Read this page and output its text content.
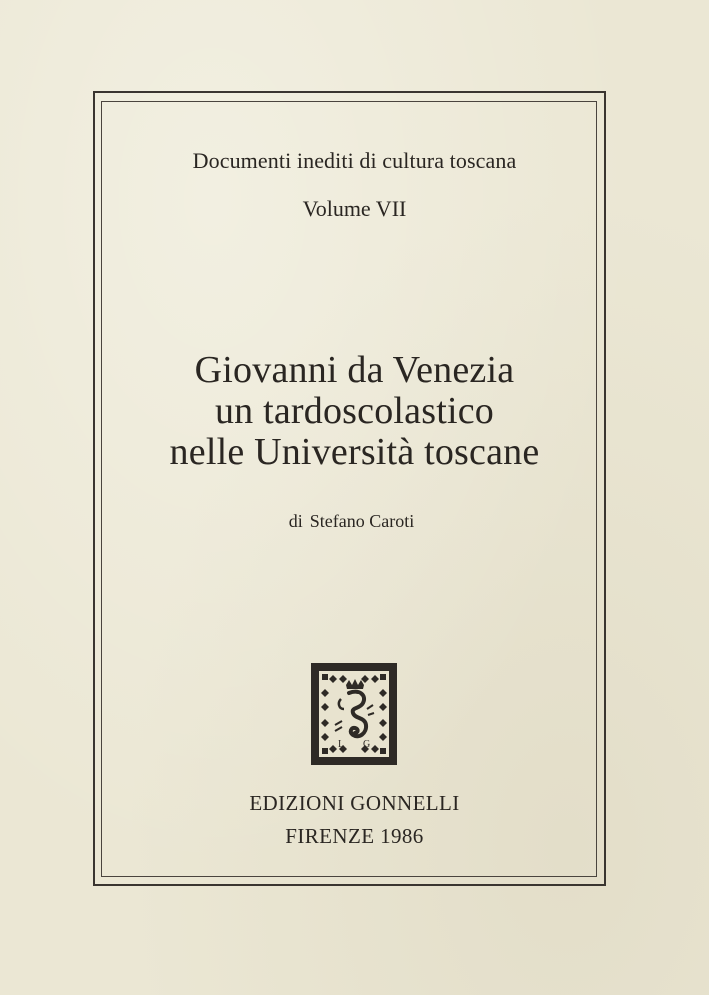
Documenti inediti di cultura toscana
Volume VII
Giovanni da Venezia
un tardoscolastico
nelle Università toscane
di Stefano Caroti
L G
EDIZIONI GONNELLI
FIRENZE 1986
